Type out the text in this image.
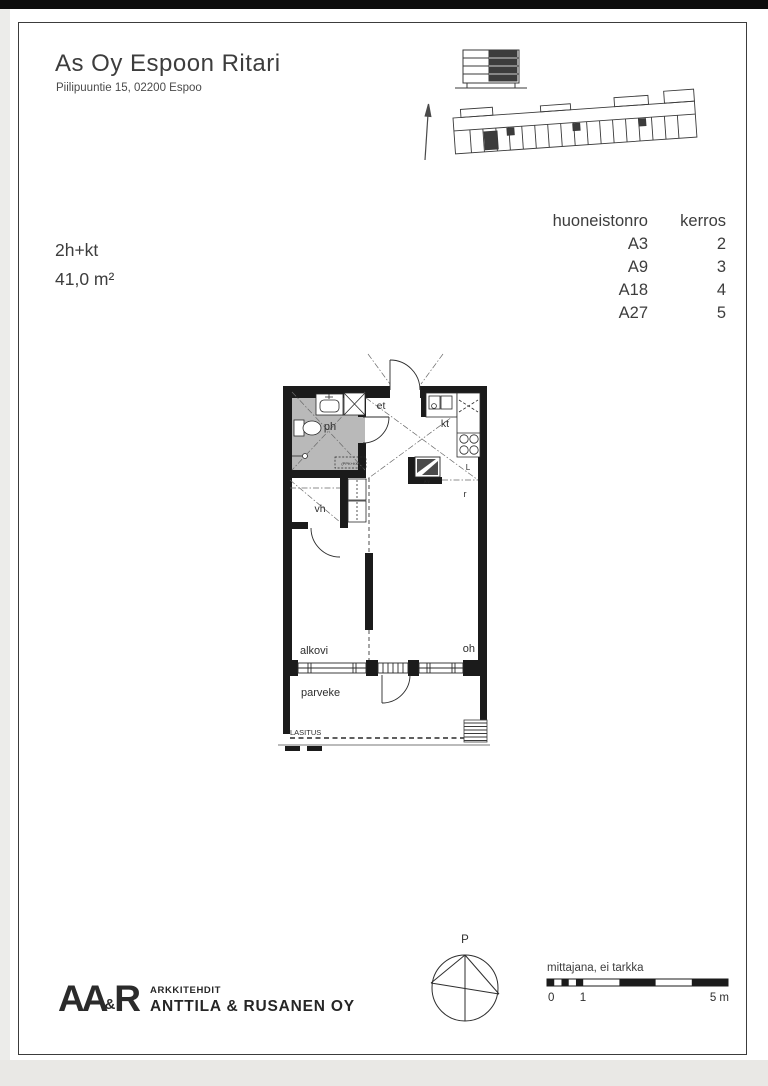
As Oy Espoon Ritari
Piilipuuntie 15, 02200 Espoo
2h+kt
41,0 m²
huoneistonro	kerros
A3	2
A9	3
A18	4
A27	5
(PPK+KK)
jk/p
ph
et
kt
vh
L
r
alkovi	oh
parveke
LASITUS
P
mittajana, ei tarkka
0 1	5 m
AA&R ARKKITEHDIT
ANTTILA & RUSANEN OY
